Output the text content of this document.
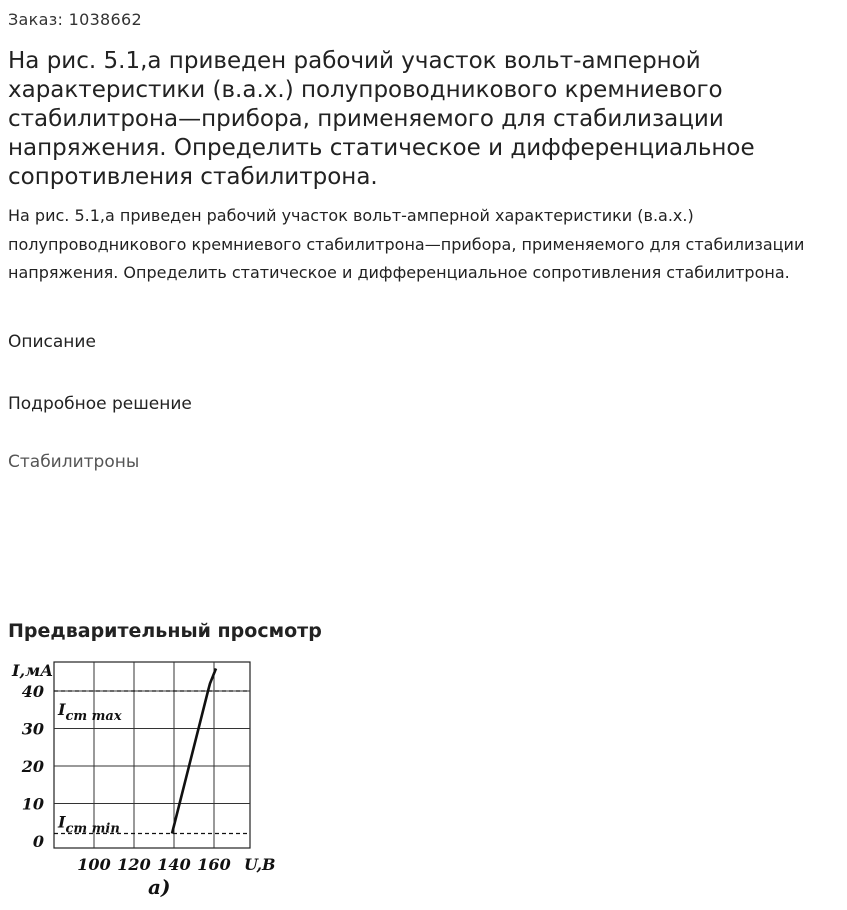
Заказ: 1038662
На рис. 5.1,а приведен рабочий участок вольт-амперной характеристики (в.а.х.) полупроводникового кремниевого стабилитрона—прибора, применяемого для стабилизации напряжения. Определить статическое и дифференциальное сопротивления стабилитрона.

На рис. 5.1,а приведен рабочий участок вольт-амперной характеристики (в.а.х.) полупроводникового кремниевого стабилитрона—прибора, применяемого для стабилизации напряжения. Определить статическое и дифференциальное сопротивления стабилитрона.

Описание
Подробное решение
Стабилитроны
Предварительный просмотр
I,мА
U,B
0
10
20
30
40
100 120 140 160
$I_{ст max}$
$I_{ст min}$
а)
